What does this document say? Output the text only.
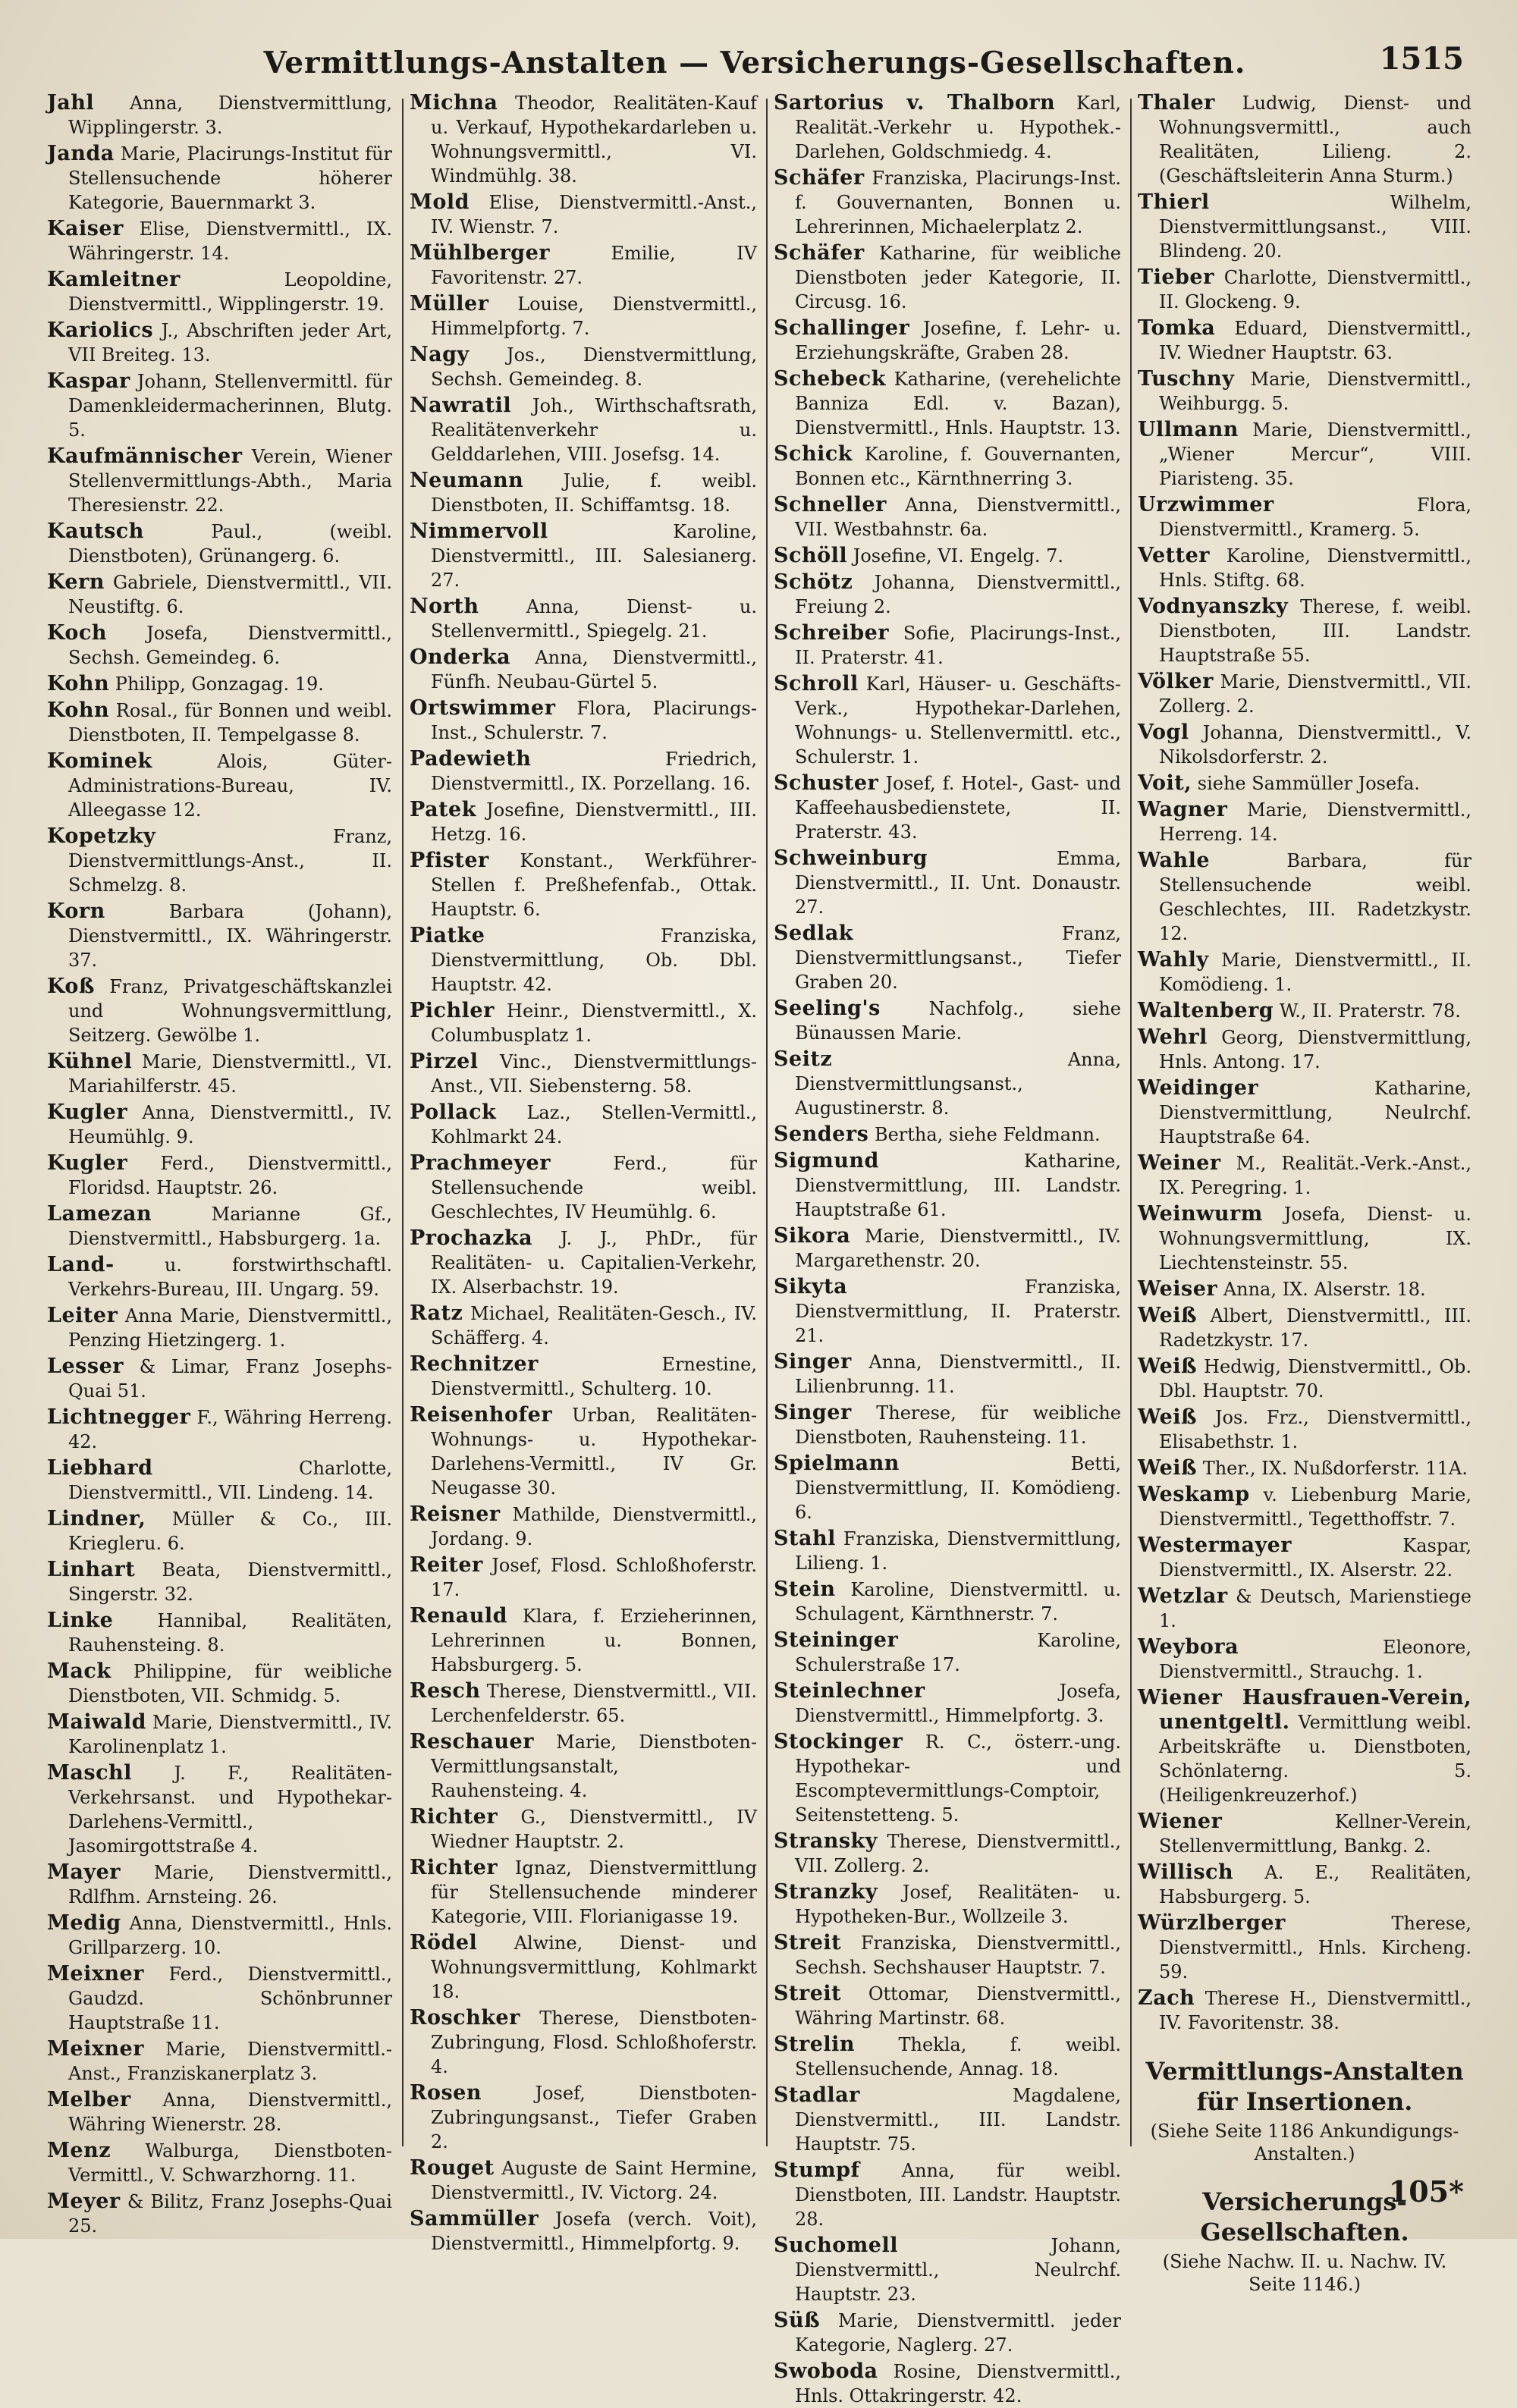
Vermittlungs-Anstalten — Versicherungs-Gesellschaften.	1515
Jahl Anna, Dienstvermittlung, Wipplingerstr. 3.
Janda Marie, Placirungs-Institut für Stellensuchende höherer Kategorie, Bauernmarkt 3.
Kaiser Elise, Dienstvermittl., IX. Währingerstr. 14.
Kamleitner	Leopoldine, Dienstvermittl., Wipplingerstr. 19.
Kariolics J., Abschriften jeder Art, VII Breiteg. 13.
Kaspar Johann, Stellenvermittl. für Damenkleidermacherinnen, Blutg. 5.
Kaufmännischer Verein, Wiener Stellenvermittlungs-Abth., Maria Theresienstr. 22.
Kautsch	Paul., (weibl. Dienstboten), Grünangerg. 6.
Kern Gabriele, Dienstvermittl., VII. Neustiftg. 6.
Koch Josefa, Dienstvermittl., Sechsh. Gemeindeg. 6.
Kohn Philipp, Gonzagag. 19.
Kohn Rosal., für Bonnen und weibl. Dienstboten, II. Tempelgasse 8.
Kominek	Alois, Güter-Administrations-Bureau, IV. Alleegasse 12.
Kopetzky	Franz, Dienstvermittlungs-Anst., II. Schmelzg. 8.
Korn	Barbara (Johann), Dienstvermittl., IX. Währingerstr. 37.
Koß Franz, Privatgeschäftskanzlei und Wohnungsvermittlung, Seitzerg. Gewölbe 1.
Kühnel Marie, Dienstvermittl., VI. Mariahilferstr. 45.
Kugler Anna, Dienstvermittl., IV. Heumühlg. 9.
Kugler Ferd., Dienstvermittl., Floridsd. Hauptstr. 26.
Lamezan	Marianne Gf., Dienstvermittl., Habsburgerg. 1a.
Land-	u. forstwirthschaftl. Verkehrs-Bureau, III. Ungarg. 59.
Leiter Anna Marie, Dienstvermittl., Penzing Hietzingerg. 1.
Lesser & Limar, Franz Josephs-Quai 51.
Lichtnegger F., Währing Herreng. 42.
Liebhard	Charlotte, Dienstvermittl., VII. Lindeng. 14.
Lindner, Müller & Co., III. Kriegleru. 6.
Linhart Beata, Dienstvermittl., Singerstr. 32.
Linke Hannibal, Realitäten, Rauhensteing. 8.
Mack Philippine, für weibliche Dienstboten, VII. Schmidg. 5.
Maiwald Marie, Dienstvermittl., IV. Karolinenplatz 1.
Maschl J. F., Realitäten-Verkehrsanst. und Hypothekar-Darlehens-Vermittl., Jasomirgottstraße 4.
Mayer Marie, Dienstvermittl., Rdlfhm. Arnsteing. 26.
Medig Anna, Dienstvermittl., Hnls. Grillparzerg. 10.
Meixner Ferd., Dienstvermittl., Gaudzd. Schönbrunner Hauptstraße 11.
Meixner Marie, Dienstvermittl.-Anst., Franziskanerplatz 3.
Melber Anna, Dienstvermittl., Währing Wienerstr. 28.
Menz Walburga, Dienstboten-Vermittl., V. Schwarzhorng. 11.
Meyer & Bilitz, Franz Josephs-Quai 25.
Michna Theodor, Realitäten-Kauf u. Verkauf, Hypothekardarleben u. Wohnungsvermittl., VI. Windmühlg. 38.
Mold Elise, Dienstvermittl.-Anst., IV. Wienstr. 7.
Mühlberger	Emilie, IV Favoritenstr. 27.
Müller Louise, Dienstvermittl., Himmelpfortg. 7.
Nagy Jos., Dienstvermittlung, Sechsh. Gemeindeg. 8.
Nawratil Joh., Wirthschaftsrath, Realitätenverkehr u. Gelddarlehen, VIII. Josefsg. 14.
Neumann Julie, f. weibl. Dienstboten, II. Schiffamtsg. 18.
Nimmervoll	Karoline, Dienstvermittl., III. Salesianerg. 27.
North	Anna, Dienst- u. Stellenvermittl., Spiegelg. 21.
Onderka Anna, Dienstvermittl., Fünfh. Neubau-Gürtel 5.
Ortswimmer Flora, Placirungs-Inst., Schulerstr. 7.
Padewieth	Friedrich, Dienstvermittl., IX. Porzellang. 16.
Patek Josefine, Dienstvermittl., III. Hetzg. 16.
Pfister Konstant., Werkführer-Stellen f. Preßhefenfab., Ottak. Hauptstr. 6.
Piatke	Franziska, Dienstvermittlung, Ob. Dbl. Hauptstr. 42.
Pichler Heinr., Dienstvermittl., X. Columbusplatz 1.
Pirzel Vinc., Dienstvermittlungs-Anst., VII. Siebensterng. 58.
Pollack Laz., Stellen-Vermittl., Kohlmarkt 24.
Prachmeyer	Ferd., für Stellensuchende weibl. Geschlechtes, IV Heumühlg. 6.
Prochazka J. J., PhDr., für Realitäten- u. Capitalien-Verkehr, IX. Alserbachstr. 19.
Ratz Michael, Realitäten-Gesch., IV. Schäfferg. 4.
Rechnitzer	Ernestine, Dienstvermittl., Schulterg. 10.
Reisenhofer Urban, Realitäten-Wohnungs- u. Hypothekar-Darlehens-Vermittl., IV Gr. Neugasse 30.
Reisner Mathilde, Dienstvermittl., Jordang. 9.
Reiter Josef, Flosd. Schloßhoferstr. 17.
Renauld Klara, f. Erzieherinnen, Lehrerinnen u. Bonnen, Habsburgerg. 5.
Resch Therese, Dienstvermittl., VII. Lerchenfelderstr. 65.
Reschauer Marie, Dienstboten-Vermittlungsanstalt, Rauhensteing. 4.
Richter G., Dienstvermittl., IV Wiedner Hauptstr. 2.
Richter Ignaz, Dienstvermittlung für Stellensuchende minderer Kategorie, VIII. Florianigasse 19.
Rödel Alwine, Dienst- und Wohnungsvermittlung, Kohlmarkt 18.
Roschker Therese, Dienstboten-Zubringung, Flosd. Schloßhoferstr. 4.
Rosen	Josef, Dienstboten-Zubringungsanst., Tiefer Graben 2.
Rouget Auguste de Saint Hermine, Dienstvermittl., IV. Victorg. 24.
Sammüller Josefa (verch. Voit), Dienstvermittl., Himmelpfortg. 9.
Sartorius v. Thalborn Karl, Realität.-Verkehr u. Hypothek.-Darlehen, Goldschmiedg. 4.
Schäfer Franziska, Placirungs-Inst. f. Gouvernanten, Bonnen u. Lehrerinnen, Michaelerplatz 2.
Schäfer Katharine, für weibliche Dienstboten jeder Kategorie, II. Circusg. 16.
Schallinger Josefine, f. Lehr- u. Erziehungskräfte, Graben 28.
Schebeck Katharine, (verehelichte Banniza Edl. v. Bazan), Dienstvermittl., Hnls. Hauptstr. 13.
Schick Karoline, f. Gouvernanten, Bonnen etc., Kärnthnerring 3.
Schneller Anna, Dienstvermittl., VII. Westbahnstr. 6a.
Schöll Josefine, VI. Engelg. 7.
Schötz Johanna, Dienstvermittl., Freiung 2.
Schreiber Sofie, Placirungs-Inst., II. Praterstr. 41.
Schroll Karl, Häuser- u. Geschäfts-Verk., Hypothekar-Darlehen, Wohnungs- u. Stellenvermittl. etc., Schulerstr. 1.
Schuster Josef, f. Hotel-, Gast- und Kaffeehausbedienstete, II. Praterstr. 43.
Schweinburg	Emma, Dienstvermittl., II. Unt. Donaustr. 27.
Sedlak	Franz, Dienstvermittlungsanst., Tiefer Graben 20.
Seeling's	Nachfolg., siehe Bünaussen Marie.
Seitz	Anna, Dienstvermittlungsanst., Augustinerstr. 8.
Senders Bertha, siehe Feldmann.
Sigmund	Katharine, Dienstvermittlung, III. Landstr. Hauptstraße 61.
Sikora Marie, Dienstvermittl., IV. Margarethenstr. 20.
Sikyta	Franziska, Dienstvermittlung, II. Praterstr. 21.
Singer Anna, Dienstvermittl., II. Lilienbrunng. 11.
Singer Therese, für weibliche Dienstboten, Rauhensteing. 11.
Spielmann	Betti, Dienstvermittlung, II. Komödieng. 6.
Stahl Franziska, Dienstvermittlung, Lilieng. 1.
Stein Karoline, Dienstvermittl. u. Schulagent, Kärnthnerstr. 7.
Steininger	Karoline, Schulerstraße 17.
Steinlechner	Josefa, Dienstvermittl., Himmelpfortg. 3.
Stockinger R. C., österr.-ung. Hypothekar- und Escomptevermittlungs-Comptoir, Seitenstetteng. 5.
Stransky Therese, Dienstvermittl., VII. Zollerg. 2.
Stranzky Josef, Realitäten- u. Hypotheken-Bur., Wollzeile 3.
Streit Franziska, Dienstvermittl., Sechsh. Sechshauser Hauptstr. 7.
Streit Ottomar, Dienstvermittl., Währing Martinstr. 68.
Strelin Thekla, f. weibl. Stellensuchende, Annag. 18.
Stadlar	Magdalene, Dienstvermittl., III. Landstr. Hauptstr. 75.
Stumpf Anna, für weibl. Dienstboten, III. Landstr. Hauptstr. 28.
Suchomell	Johann, Dienstvermittl., Neulrchf. Hauptstr. 23.
Süß Marie, Dienstvermittl. jeder Kategorie, Naglerg. 27.
Swoboda Rosine, Dienstvermittl., Hnls. Ottakringerstr. 42.
Thaler Ludwig, Dienst- und Wohnungsvermittl., auch Realitäten, Lilieng. 2. (Geschäftsleiterin Anna Sturm.)
Thierl	Wilhelm, Dienstvermittlungsanst., VIII. Blindeng. 20.
Tieber Charlotte, Dienstvermittl., II. Glockeng. 9.
Tomka Eduard, Dienstvermittl., IV. Wiedner Hauptstr. 63.
Tuschny Marie, Dienstvermittl., Weihburgg. 5.
Ullmann Marie, Dienstvermittl., „Wiener Mercur“, VIII. Piaristeng. 35.
Urzwimmer	Flora, Dienstvermittl., Kramerg. 5.
Vetter Karoline, Dienstvermittl., Hnls. Stiftg. 68.
Vodnyanszky Therese, f. weibl. Dienstboten, III. Landstr. Hauptstraße 55.
Völker Marie, Dienstvermittl., VII. Zollerg. 2.
Vogl Johanna, Dienstvermittl., V. Nikolsdorferstr. 2.
Voit, siehe Sammüller Josefa.
Wagner Marie, Dienstvermittl., Herreng. 14.
Wahle	Barbara, für Stellensuchende weibl. Geschlechtes, III. Radetzkystr. 12.
Wahly Marie, Dienstvermittl., II. Komödieng. 1.
Waltenberg W., II. Praterstr. 78.
Wehrl Georg, Dienstvermittlung, Hnls. Antong. 17.
Weidinger	Katharine, Dienstvermittlung, Neulrchf. Hauptstraße 64.
Weiner M., Realität.-Verk.-Anst., IX. Peregring. 1.
Weinwurm Josefa, Dienst- u. Wohnungsvermittlung, IX. Liechtensteinstr. 55.
Weiser Anna, IX. Alserstr. 18.
Weiß Albert, Dienstvermittl., III. Radetzkystr. 17.
Weiß Hedwig, Dienstvermittl., Ob. Dbl. Hauptstr. 70.
Weiß Jos. Frz., Dienstvermittl., Elisabethstr. 1.
Weiß Ther., IX. Nußdorferstr. 11A.
Weskamp v. Liebenburg Marie, Dienstvermittl., Tegetthoffstr. 7.
Westermayer	Kaspar, Dienstvermittl., IX. Alserstr. 22.
Wetzlar & Deutsch, Marienstiege 1.
Weybora	Eleonore, Dienstvermittl., Strauchg. 1.
Wiener Hausfrauen-Verein, unentgeltl. Vermittlung weibl. Arbeitskräfte u. Dienstboten, Schönlaterng. 5. (Heiligenkreuzerhof.)
Wiener	Kellner-Verein, Stellenvermittlung, Bankg. 2.
Willisch A. E., Realitäten, Habsburgerg. 5.
Würzlberger	Therese, Dienstvermittl., Hnls. Kircheng. 59.
Zach Therese H., Dienstvermittl., IV. Favoritenstr. 38.
Vermittlungs-Anstalten für Insertionen.
(Siehe Seite 1186 Ankundigungs-Anstalten.)
Versicherungs-Gesellschaften.
(Siehe Nachw. II. u. Nachw. IV. Seite 1146.)
105*
